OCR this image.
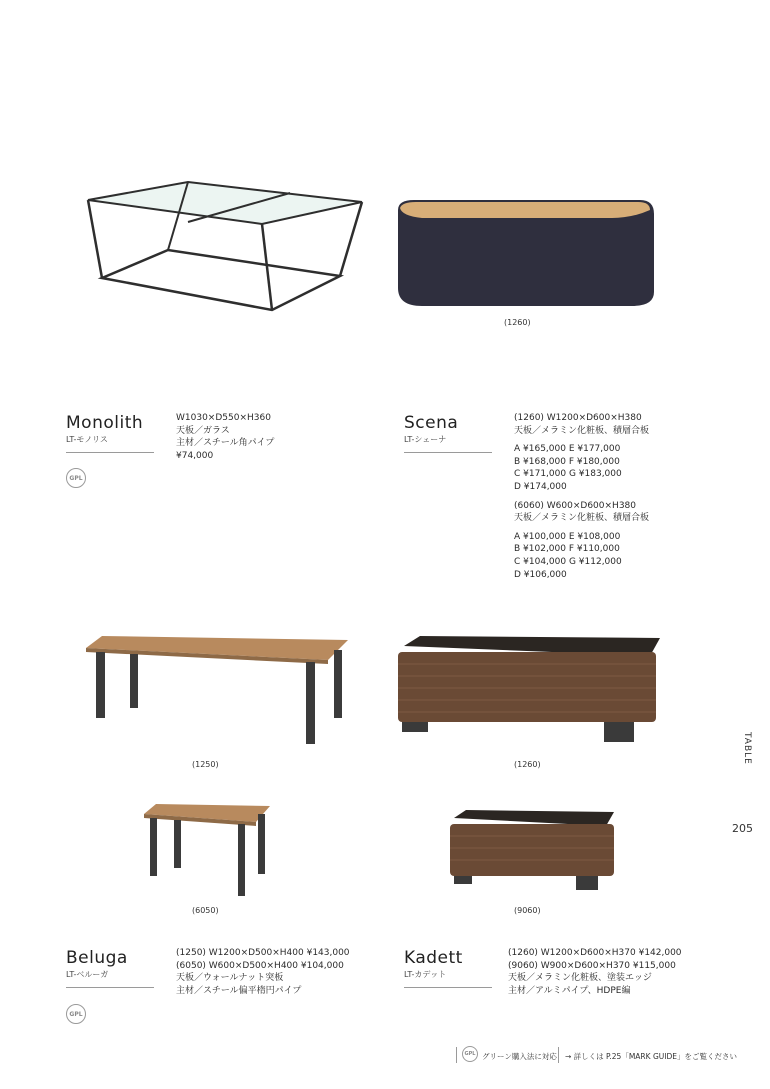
(1260)
(1250)	(1260)
(6050)	(9060)
Monolith
LT-モノリス
GPL
W1030×D550×H360
天板／ガラス
主材／スチール角パイプ
¥74,000
Scena
LT-シェーナ
(1260) W1200×D600×H380
天板／メラミン化粧板、積層合板
A ¥165,000 E ¥177,000
B ¥168,000 F ¥180,000
C ¥171,000 G ¥183,000
D ¥174,000
(6060) W600×D600×H380
天板／メラミン化粧板、積層合板
A ¥100,000 E ¥108,000
B ¥102,000 F ¥110,000
C ¥104,000 G ¥112,000
D ¥106,000
Beluga
LT-ベルーガ
GPL
(1250) W1200×D500×H400 ¥143,000
(6050) W600×D500×H400 ¥104,000
天板／ウォールナット突板
主材／スチール偏平楕円パイプ
Kadett
LT-カデット
(1260) W1200×D600×H370 ¥142,000
(9060) W900×D600×H370 ¥115,000
天板／メラミン化粧板、塗装エッジ
主材／アルミパイプ、HDPE編
TABLE
205
GPL グリーン購入法に対応 → 詳しくは P.25「MARK GUIDE」をご覧ください
